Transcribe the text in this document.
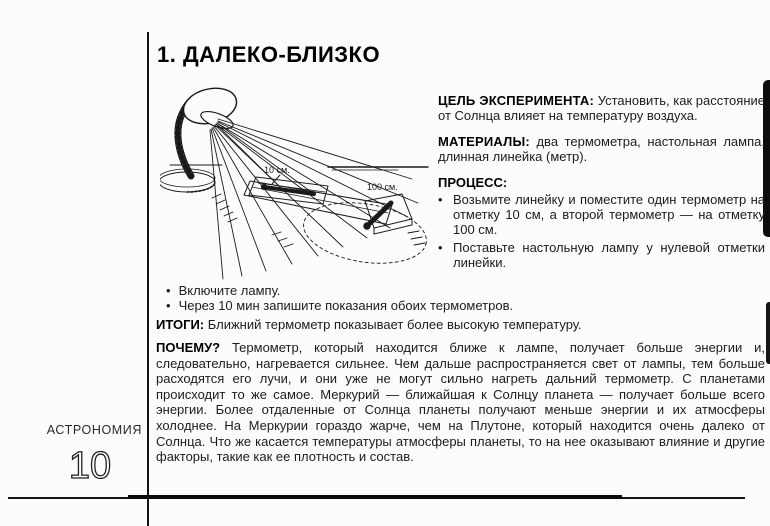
1. ДАЛЕКО-БЛИЗКО
10 см.
100 см.

ЦЕЛЬ ЭКСПЕРИМЕНТА: Установить, как расстояние от Солнца влияет на температуру воздуха.

МАТЕРИАЛЫ: два термометра, настольная лампа, длинная линейка (метр).

ПРОЦЕСС:
• Возьмите линейку и поместите один термометр на отметку 10 см, а второй термометр — на отметку 100 см.
• Поставьте настольную лампу у нулевой отметки линейки.
• Включите лампу.
• Через 10 мин запишите показания обоих термометров.
ИТОГИ: Ближний термометр показывает более высокую температуру.
ПОЧЕМУ? Термометр, который находится ближе к лампе, получает больше энергии и, следовательно, нагревается сильнее. Чем дальше распространяется свет от лампы, тем больше расходятся его лучи, и они уже не могут сильно нагреть дальний термометр. С планетами происходит то же самое. Меркурий — ближайшая к Солнцу планета — получает больше всего энергии. Более отдаленные от Солнца планеты получают меньше энергии и их атмосферы холоднее. На Меркурии гораздо жарче, чем на Плутоне, который находится очень далеко от Солнца. Что же касается температуры атмосферы планеты, то на нее оказывают влияние и другие факторы, такие как ее плотность и состав.
АСТРОНОМИЯ
10
